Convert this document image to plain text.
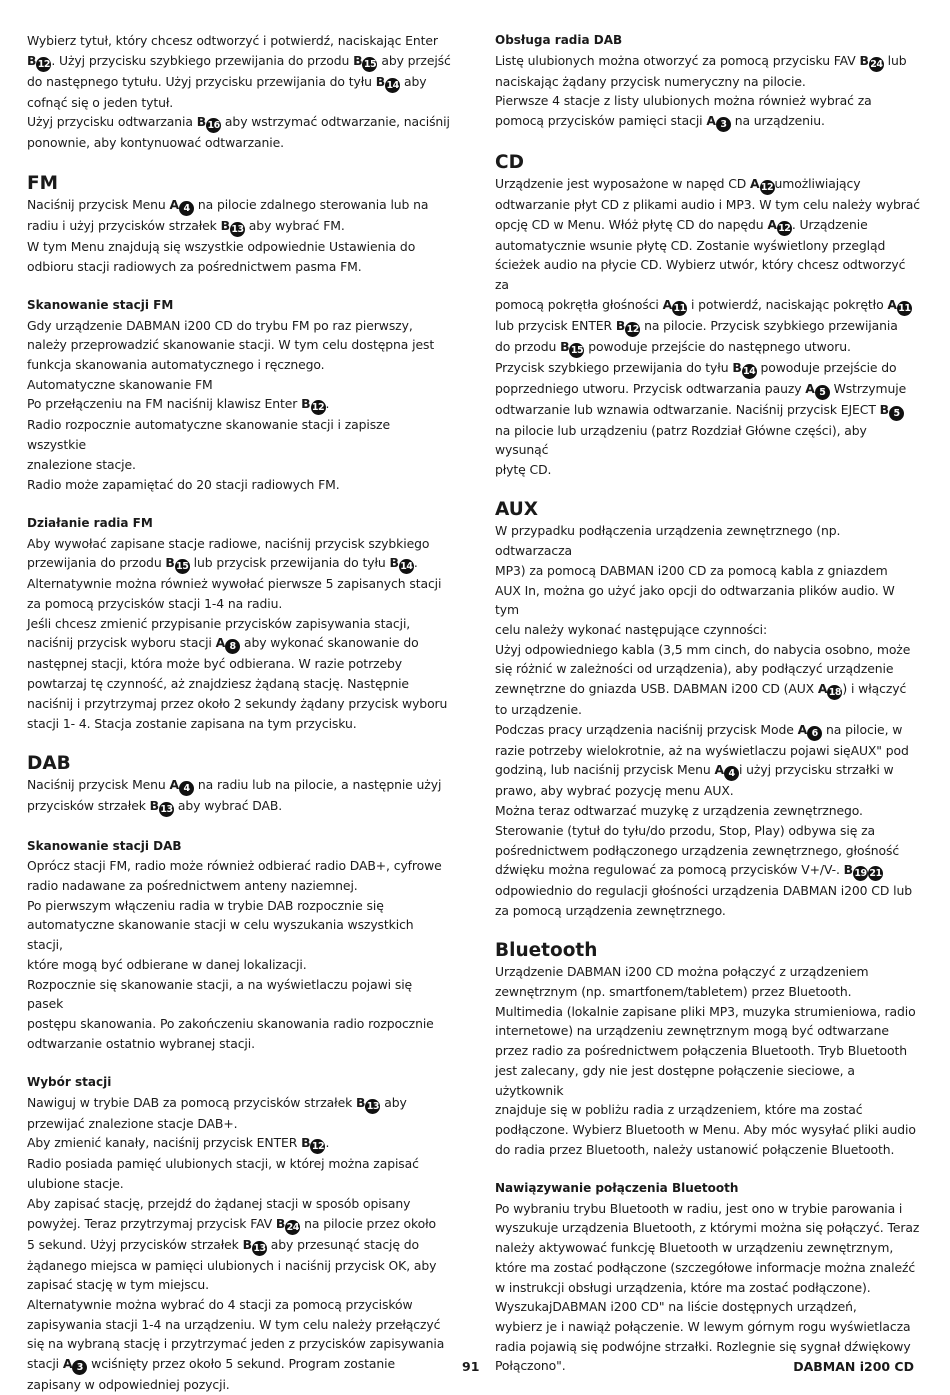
Wybierz tytuł, który chcesz odtworzyć i potwierdź, naciskając Enter
B12. Użyj przycisku szybkiego przewijania do przodu B15 aby przejść
do następnego tytułu. Użyj przycisku przewijania do tyłu B14 aby
cofnąć się o jeden tytuł.
Użyj przycisku odtwarzania B16 aby wstrzymać odtwarzanie, naciśnij
ponownie, aby kontynuować odtwarzanie.

FM

Naciśnij przycisk Menu A 4 na pilocie zdalnego sterowania lub na
radiu i użyj przycisków strzałek B13 aby wybrać FM.
W tym Menu znajdują się wszystkie odpowiednie Ustawienia do
odbioru stacji radiowych za pośrednictwem pasma FM.

Skanowanie stacji FM

Gdy urządzenie DABMAN i200 CD do trybu FM po raz pierwszy,
należy przeprowadzić skanowanie stacji. W tym celu dostępna jest
funkcja skanowania automatycznego i ręcznego.
Automatyczne skanowanie FM
Po przełączeniu na FM naciśnij klawisz Enter B12.
Radio rozpocznie automatyczne skanowanie stacji i zapisze wszystkie
znalezione stacje.
Radio może zapamiętać do 20 stacji radiowych FM.

Działanie radia FM

Aby wywołać zapisane stacje radiowe, naciśnij przycisk szybkiego
przewijania do przodu B15 lub przycisk przewijania do tyłu B14.
Alternatywnie można również wywołać pierwsze 5 zapisanych stacji
za pomocą przycisków stacji 1-4 na radiu.
Jeśli chcesz zmienić przypisanie przycisków zapisywania stacji,
naciśnij przycisk wyboru stacji A 8 aby wykonać skanowanie do
następnej stacji, która może być odbierana. W razie potrzeby
powtarzaj tę czynność, aż znajdziesz żądaną stację. Następnie
naciśnij i przytrzymaj przez około 2 sekundy żądany przycisk wyboru
stacji 1- 4. Stacja zostanie zapisana na tym przycisku.

DAB

Naciśnij przycisk Menu A 4 na radiu lub na pilocie, a następnie użyj
przycisków strzałek B13 aby wybrać DAB.

Skanowanie stacji DAB

Oprócz stacji FM, radio może również odbierać radio DAB+, cyfrowe
radio nadawane za pośrednictwem anteny naziemnej.
Po pierwszym włączeniu radia w trybie DAB rozpocznie się
automatyczne skanowanie stacji w celu wyszukania wszystkich stacji,
które mogą być odbierane w danej lokalizacji.
Rozpocznie się skanowanie stacji, a na wyświetlaczu pojawi się pasek
postępu skanowania. Po zakończeniu skanowania radio rozpocznie
odtwarzanie ostatnio wybranej stacji.

Wybór stacji

Nawiguj w trybie DAB za pomocą przycisków strzałek B13 aby
przewijać znalezione stacje DAB+.
Aby zmienić kanały, naciśnij przycisk ENTER B12.
Radio posiada pamięć ulubionych stacji, w której można zapisać
ulubione stacje.
Aby zapisać stację, przejdź do żądanej stacji w sposób opisany
powyżej. Teraz przytrzymaj przycisk FAV B24 na pilocie przez około
5 sekund. Użyj przycisków strzałek B13 aby przesunąć stację do
żądanego miejsca w pamięci ulubionych i naciśnij przycisk OK, aby
zapisać stację w tym miejscu.
Alternatywnie można wybrać do 4 stacji za pomocą przycisków
zapisywania stacji 1-4 na urządzeniu. W tym celu należy przełączyć
się na wybraną stację i przytrzymać jeden z przycisków zapisywania
stacji A 3 wciśnięty przez około 5 sekund. Program zostanie
zapisany w odpowiedniej pozycji.

Obsługa radia DAB

Listę ulubionych można otworzyć za pomocą przycisku FAV B24 lub
naciskając żądany przycisk numeryczny na pilocie.
Pierwsze 4 stacje z listy ulubionych można również wybrać za
pomocą przycisków pamięci stacji A 3 na urządzeniu.

CD

Urządzenie jest wyposażone w napęd CD A12umożliwiający
odtwarzanie płyt CD z plikami audio i MP3. W tym celu należy wybrać
opcję CD w Menu. Włóż płytę CD do napędu A12. Urządzenie
automatycznie wsunie płytę CD. Zostanie wyświetlony przegląd
ścieżek audio na płycie CD. Wybierz utwór, który chcesz odtworzyć za
pomocą pokrętła głośności A11 i potwierdź, naciskając pokrętło A11
lub przycisk ENTER B12 na pilocie. Przycisk szybkiego przewijania
do przodu B15 powoduje przejście do następnego utworu.
Przycisk szybkiego przewijania do tyłu B14 powoduje przejście do
poprzedniego utworu. Przycisk odtwarzania pauzy A 5 Wstrzymuje
odtwarzanie lub wznawia odtwarzanie. Naciśnij przycisk EJECT B 5
na pilocie lub urządzeniu (patrz Rozdział Główne części), aby wysunąć
płytę CD.

AUX

W przypadku podłączenia urządzenia zewnętrznego (np. odtwarzacza
MP3) za pomocą DABMAN i200 CD za pomocą kabla z gniazdem
AUX In, można go użyć jako opcji do odtwarzania plików audio. W tym
celu należy wykonać następujące czynności:
Użyj odpowiedniego kabla (3,5 mm cinch, do nabycia osobno, może
się różnić w zależności od urządzenia), aby podłączyć urządzenie
zewnętrzne do gniazda USB. DABMAN i200 CD (AUX A18) i włączyć
to urządzenie.
Podczas pracy urządzenia naciśnij przycisk Mode A 6 na pilocie, w
razie potrzeby wielokrotnie, aż na wyświetlaczu pojawi sięAUX" pod
godziną, lub naciśnij przycisk Menu A 4 i użyj przycisku strzałki w
prawo, aby wybrać pozycję menu AUX.
Można teraz odtwarzać muzykę z urządzenia zewnętrznego.
Sterowanie (tytuł do tyłu/do przodu, Stop, Play) odbywa się za
pośrednictwem podłączonego urządzenia zewnętrznego, głośność
dźwięku można regulować za pomocą przycisków V+/V-. B19 21
odpowiednio do regulacji głośności urządzenia DABMAN i200 CD lub
za pomocą urządzenia zewnętrznego.

Bluetooth

Urządzenie DABMAN i200 CD można połączyć z urządzeniem
zewnętrznym (np. smartfonem/tabletem) przez Bluetooth.
Multimedia (lokalnie zapisane pliki MP3, muzyka strumieniowa, radio
internetowe) na urządzeniu zewnętrznym mogą być odtwarzane
przez radio za pośrednictwem połączenia Bluetooth. Tryb Bluetooth
jest zalecany, gdy nie jest dostępne połączenie sieciowe, a użytkownik
znajduje się w pobliżu radia z urządzeniem, które ma zostać
podłączone. Wybierz Bluetooth w Menu. Aby móc wysyłać pliki audio
do radia przez Bluetooth, należy ustanowić połączenie Bluetooth.

Nawiązywanie połączenia Bluetooth

Po wybraniu trybu Bluetooth w radiu, jest ono w trybie parowania i
wyszukuje urządzenia Bluetooth, z którymi można się połączyć. Teraz
należy aktywować funkcję Bluetooth w urządzeniu zewnętrznym,
które ma zostać podłączone (szczegółowe informacje można znaleźć
w instrukcji obsługi urządzenia, które ma zostać podłączone).
WyszukajDABMAN i200 CD" na liście dostępnych urządzeń,
wybierz je i nawiąż połączenie. W lewym górnym rogu wyświetlacza
radia pojawią się podwójne strzałki. Rozlegnie się sygnał dźwiękowy
Połączono".

91	DABMAN i200 CD
